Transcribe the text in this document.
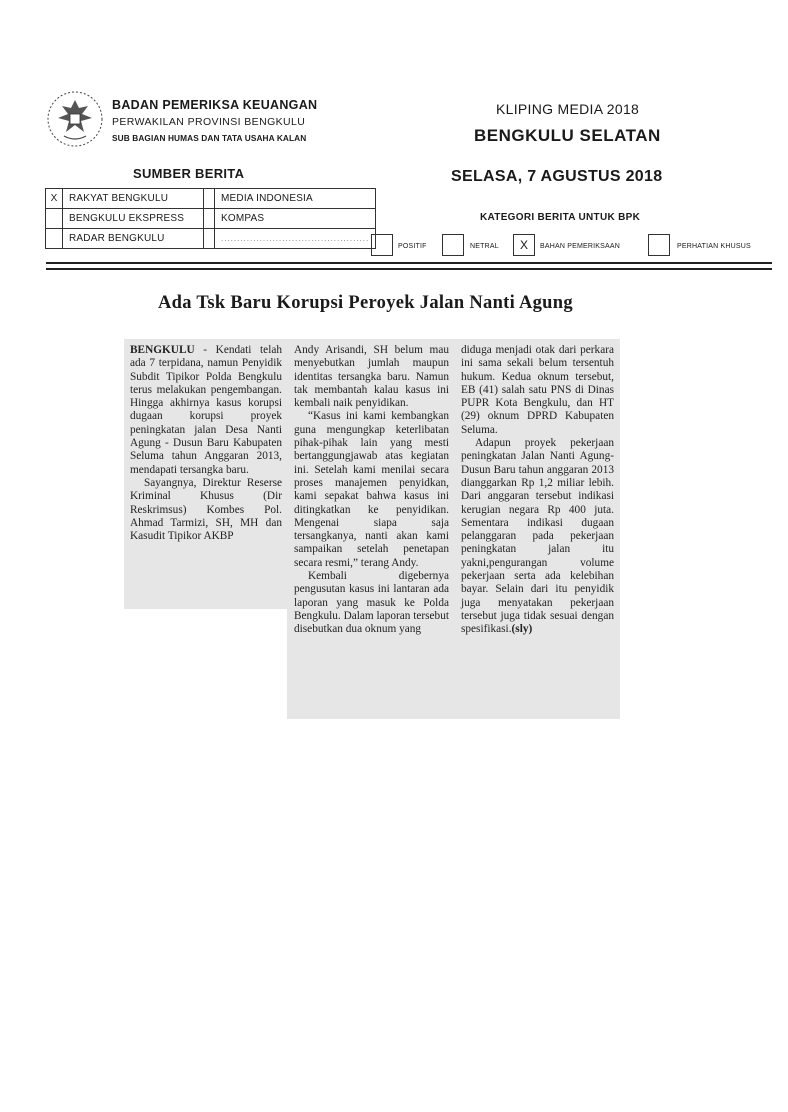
BADAN PEMERIKSA KEUANGAN
PERWAKILAN PROVINSI BENGKULU
SUB BAGIAN HUMAS DAN TATA USAHA KALAN
KLIPING MEDIA 2018
BENGKULU SELATAN
SELASA, 7 AGUSTUS 2018
SUMBER BERITA
X	RAKYAT BENGKULU		MEDIA INDONESIA
	BENGKULU EKSPRESS		KOMPAS
	RADAR BENGKULU		..............................................
KATEGORI BERITA UNTUK BPK
POSITIF	NETRAL	X	BAHAN PEMERIKSAAN	PERHATIAN KHUSUS
Ada Tsk Baru Korupsi Peroyek Jalan Nanti Agung

BENGKULU - Kendati telah ada 7 terpidana, namun Penyidik Subdit Tipikor Polda Bengkulu terus melakukan pengembangan. Hingga akhirnya kasus korupsi dugaan korupsi proyek peningkatan jalan Desa Nanti Agung - Dusun Baru Kabupaten Seluma tahun Anggaran 2013, mendapati tersangka baru.

Sayangnya, Direktur Reserse Kriminal Khusus (Dir Reskrimsus) Kombes Pol. Ahmad Tarmizi, SH, MH dan Kasudit Tipikor AKBP

Andy Arisandi, SH belum mau menyebutkan jumlah maupun identitas tersangka baru. Namun tak membantah kalau kasus ini kembali naik penyidikan.

“Kasus ini kami kembangkan guna mengungkap keterlibatan pihak-pihak lain yang mesti bertanggungjawab atas kegiatan ini. Setelah kami menilai secara proses manajemen penyidkan, kami sepakat bahwa kasus ini ditingkatkan ke penyidikan. Mengenai siapa saja tersangkanya, nanti akan kami sampaikan setelah penetapan secara resmi,” terang Andy.

Kembali digebernya pengusutan kasus ini lantaran ada laporan yang masuk ke Polda Bengkulu. Dalam laporan tersebut disebutkan dua oknum yang

diduga menjadi otak dari perkara ini sama sekali belum tersentuh hukum. Kedua oknum tersebut, EB (41) salah satu PNS di Dinas PUPR Kota Bengkulu, dan HT (29) oknum DPRD Kabupaten Seluma.

Adapun proyek pekerjaan peningkatan Jalan Nanti Agung-Dusun Baru tahun anggaran 2013 dianggarkan Rp 1,2 miliar lebih. Dari anggaran tersebut indikasi kerugian negara Rp 400 juta. Sementara indikasi dugaan pelanggaran pada pekerjaan peningkatan jalan itu yakni,pengurangan volume pekerjaan serta ada kelebihan bayar. Selain dari itu penyidik juga menyatakan pekerjaan tersebut juga tidak sesuai dengan spesifikasi.(sly)
